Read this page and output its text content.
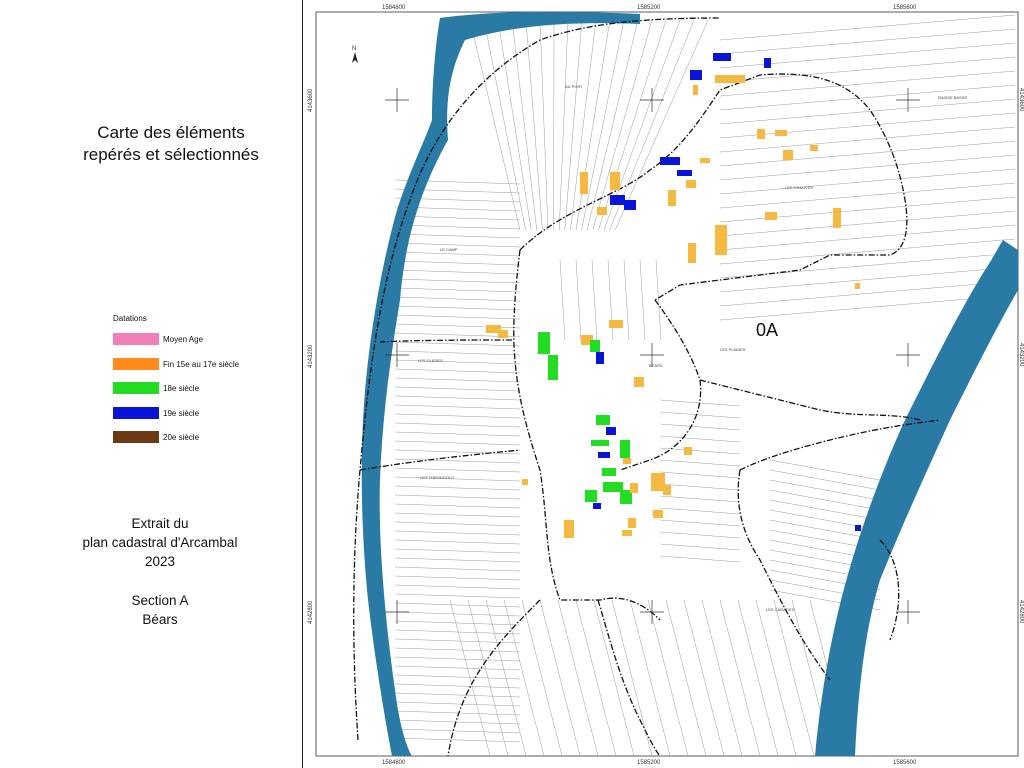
Carte des éléments
repérés et sélectionnés
Datations
Moyen Age
Fin 15e au 17e siècle
18e siècle
19e siècle
20e siècle
Extrait du
plan cadastral d'Arcambal
2023
Section A
Béars
N
1584800	1585200	1585600
1584800	1585200	1585600
4143600
4143200
4142800
4143600
4143200
4142800
AU PORT
RAISSE BASSE
LES CHAUVES
LE CAMP
LES PLAINES
BEARS
LES CLEDES
LES THRONGOLS
LES CARATIES
0A
